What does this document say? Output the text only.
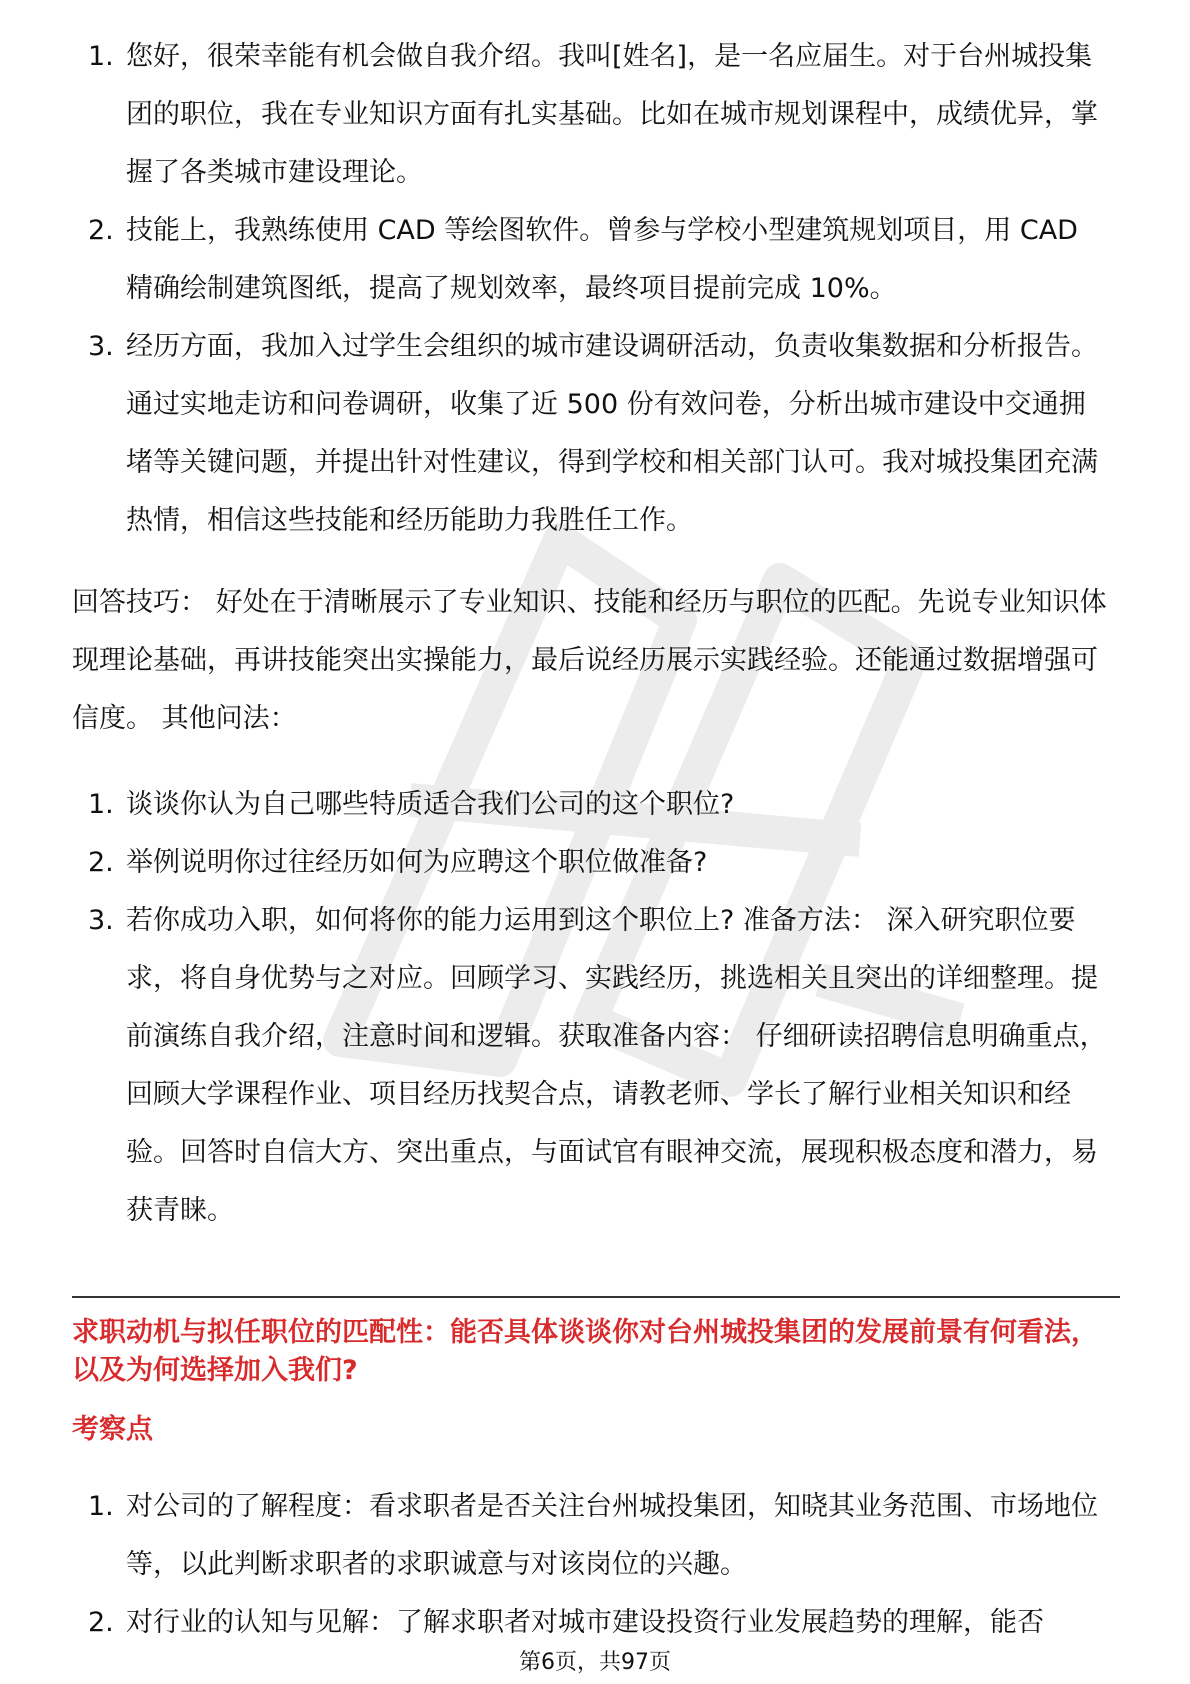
1. 您好，很荣幸能有机会做自我介绍。我叫[姓名]，是一名应届生。对于台州城投集团的职位，我在专业知识方面有扎实基础。比如在城市规划课程中，成绩优异，掌握了各类城市建设理论。
2. 技能上，我熟练使用 CAD 等绘图软件。曾参与学校小型建筑规划项目，用 CAD 精确绘制建筑图纸，提高了规划效率，最终项目提前完成 10%。
3. 经历方面，我加入过学生会组织的城市建设调研活动，负责收集数据和分析报告。通过实地走访和问卷调研，收集了近 500 份有效问卷，分析出城市建设中交通拥堵等关键问题，并提出针对性建议，得到学校和相关部门认可。我对城投集团充满热情，相信这些技能和经历能助力我胜任工作。
回答技巧： 好处在于清晰展示了专业知识、技能和经历与职位的匹配。先说专业知识体现理论基础，再讲技能突出实操能力，最后说经历展示实践经验。还能通过数据增强可信度。 其他问法：
1. 谈谈你认为自己哪些特质适合我们公司的这个职位?
2. 举例说明你过往经历如何为应聘这个职位做准备?
3. 若你成功入职，如何将你的能力运用到这个职位上? 准备方法： 深入研究职位要求，将自身优势与之对应。回顾学习、实践经历，挑选相关且突出的详细整理。提前演练自我介绍，注意时间和逻辑。获取准备内容： 仔细研读招聘信息明确重点，回顾大学课程作业、项目经历找契合点，请教老师、学长了解行业相关知识和经验。回答时自信大方、突出重点，与面试官有眼神交流，展现积极态度和潜力，易获青睐。
求职动机与拟任职位的匹配性：能否具体谈谈你对台州城投集团的发展前景有何看法，以及为何选择加入我们?
考察点
1. 对公司的了解程度：看求职者是否关注台州城投集团，知晓其业务范围、市场地位等，以此判断求职者的求职诚意与对该岗位的兴趣。
2. 对行业的认知与见解：了解求职者对城市建设投资行业发展趋势的理解，能否
第6页，共97页
